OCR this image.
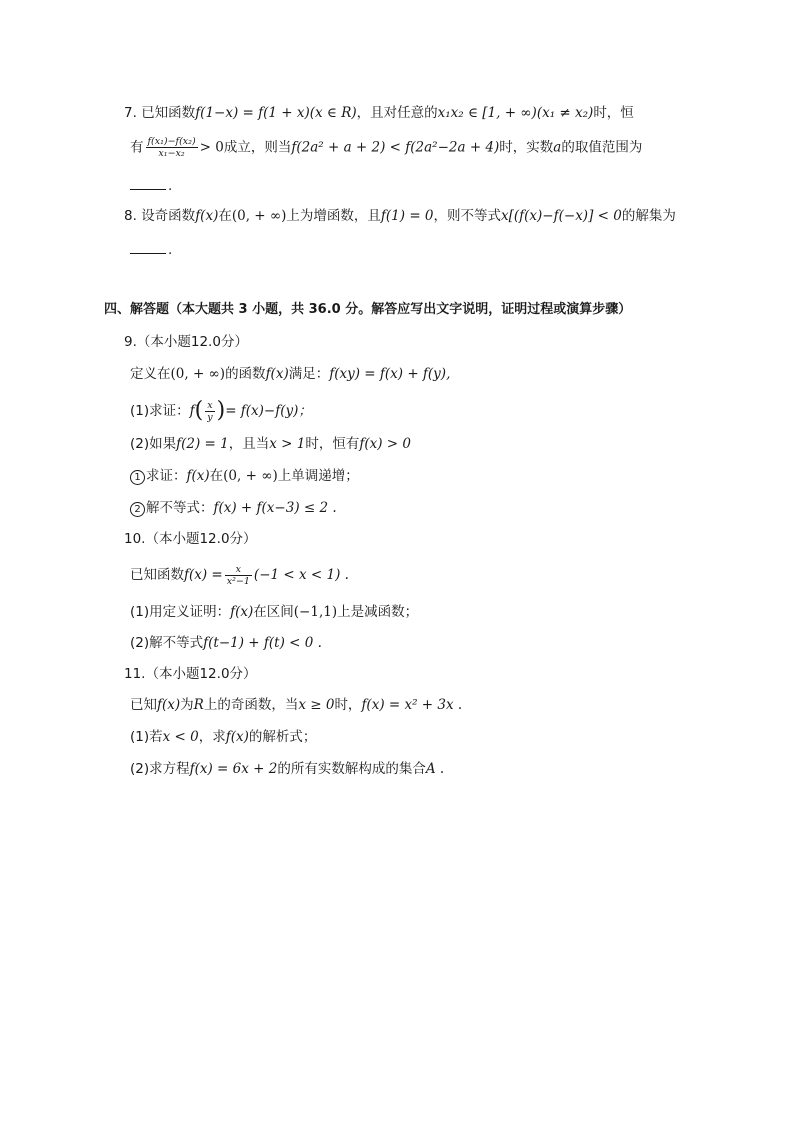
7. 已知函数f(1−x) = f(1 + x)(x ∈ R)，且对任意的x₁x₂ ∈ [1, + ∞)(x₁ ≠ x₂)时，恒
有 $\frac{\text{f(x₁)−f(x₂)}}{\text{x₁−x₂}} > 0$成立，则当f(2a² + a + 2) < f(2a²−2a + 4)时，实数a的取值范围为
.
8. 设奇函数f(x)在(0, + ∞)上为增函数，且f(1) = 0，则不等式x[(f(x)−f(−x)] < 0的解集为
.
四、解答题（本大题共 3 小题，共 36.0 分。解答应写出文字说明，证明过程或演算步骤）
9.（本小题12.0分）
定义在(0, + ∞)的函数f(x)满足：f(xy) = f(x) + f(y),
(1)求证：$f( \frac{x}{y}$ )= f(x)−f(y)；
(2)如果f(2) = 1，且当x > 1时，恒有f(x) > 0
1 求证：f(x)在(0, + ∞)上单调递增；
2 解不等式：f(x) + f(x−3) ≤ 2 .
10.（本小题12.0分）
已知函数$f(x) = \frac{x}{\text{x²−1}} (-1 < x < 1)$ .
(1)用定义证明：f(x)在区间(−1,1)上是减函数；
(2)解不等式f(t−1) + f(t) < 0 .
11.（本小题12.0分）
已知f(x)为R上的奇函数，当x ≥ 0时，f(x) = x² + 3x .
(1)若x < 0，求f(x)的解析式；
(2)求方程f(x) = 6x + 2的所有实数解构成的集合A .
